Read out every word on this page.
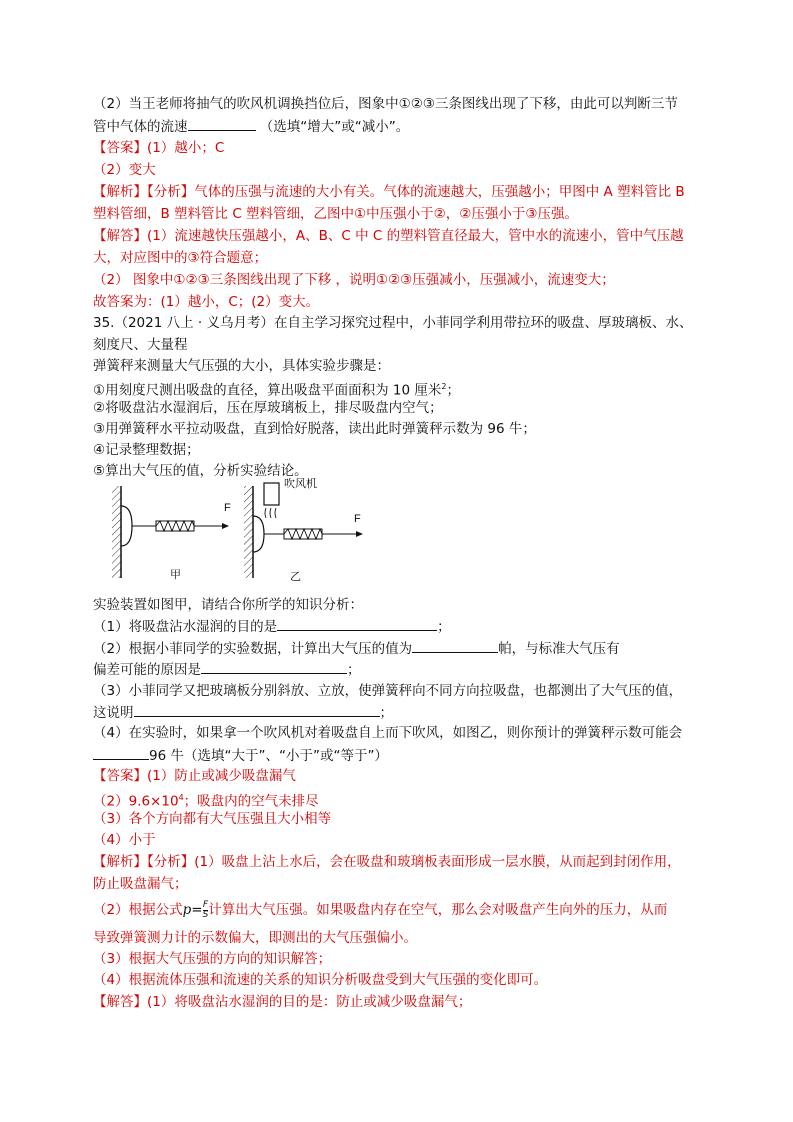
（2）当王老师将抽气的吹风机调换挡位后，图象中①②③三条图线出现了下移，由此可以判断三节
管中气体的流速	（选填“增大”或“减小”。
【答案】(1）越小；C
（2）变大
【解析】【分析】气体的压强与流速的大小有关。气体的流速越大，压强越小；甲图中 A 塑料管比 B
塑料管细，B 塑料管比 C 塑料管细，乙图中①中压强小于②，②压强小于③压强。
【解答】(1）流速越快压强越小，A、B、C 中 C 的塑料管直径最大，管中水的流速小，管中气压越
大，对应图中的③符合题意；
（2） 图象中①②③三条图线出现了下移 ，说明①②③压强减小，压强减小，流速变大；
故答案为：(1）越小，C；(2）变大。
35.（2021 八上 · 义乌月考）在自主学习探究过程中，小菲同学利用带拉环的吸盘、厚玻璃板、水、
刻度尺、大量程
弹簧秤来测量大气压强的大小，具体实验步骤是：
①用刻度尺测出吸盘的直径，算出吸盘平面面积为 10 厘米$^2$；
②将吸盘沾水湿润后，压在厚玻璃板上，排尽吸盘内空气；
③用弹簧秤水平拉动吸盘，直到恰好脱落，读出此时弹簧秤示数为 96 牛；
④记录整理数据；
⑤算出大气压的值，分析实验结论。
F
甲
吹风机
F
乙
实验装置如图甲，请结合你所学的知识分析：
（1）将吸盘沾水湿润的目的是	；
（2）根据小菲同学的实验数据，计算出大气压的值为	帕，与标准大气压有
偏差可能的原因是	；
（3）小菲同学又把玻璃板分别斜放、立放，使弹簧秤向不同方向拉吸盘，也都测出了大气压的值，
这说明	；
（4）在实验时，如果拿一个吹风机对着吸盘自上而下吹风，如图乙，则你预计的弹簧秤示数可能会
96 牛（选填“大于”、“小于”或“等于”）
【答案】(1）防止或减少吸盘漏气
$(2)9.6\times 10^4$；吸盘内的空气未排尽
（3）各个方向都有大气压强且大小相等
（4）小于
【解析】【分析】(1）吸盘上沾上水后，会在吸盘和玻璃板表面形成一层水膜，从而起到封闭作用，
防止吸盘漏气；
（2）根据公式$p= \frac{F}{S}$ 计算出大气压强。如果吸盘内存在空气，那么会对吸盘产生向外的压力，从而
导致弹簧测力计的示数偏大，即测出的大气压强偏小。
（3）根据大气压强的方向的知识解答；
（4）根据流体压强和流速的关系的知识分析吸盘受到大气压强的变化即可。
【解答】(1）将吸盘沾水湿润的目的是：防止或减少吸盘漏气；
